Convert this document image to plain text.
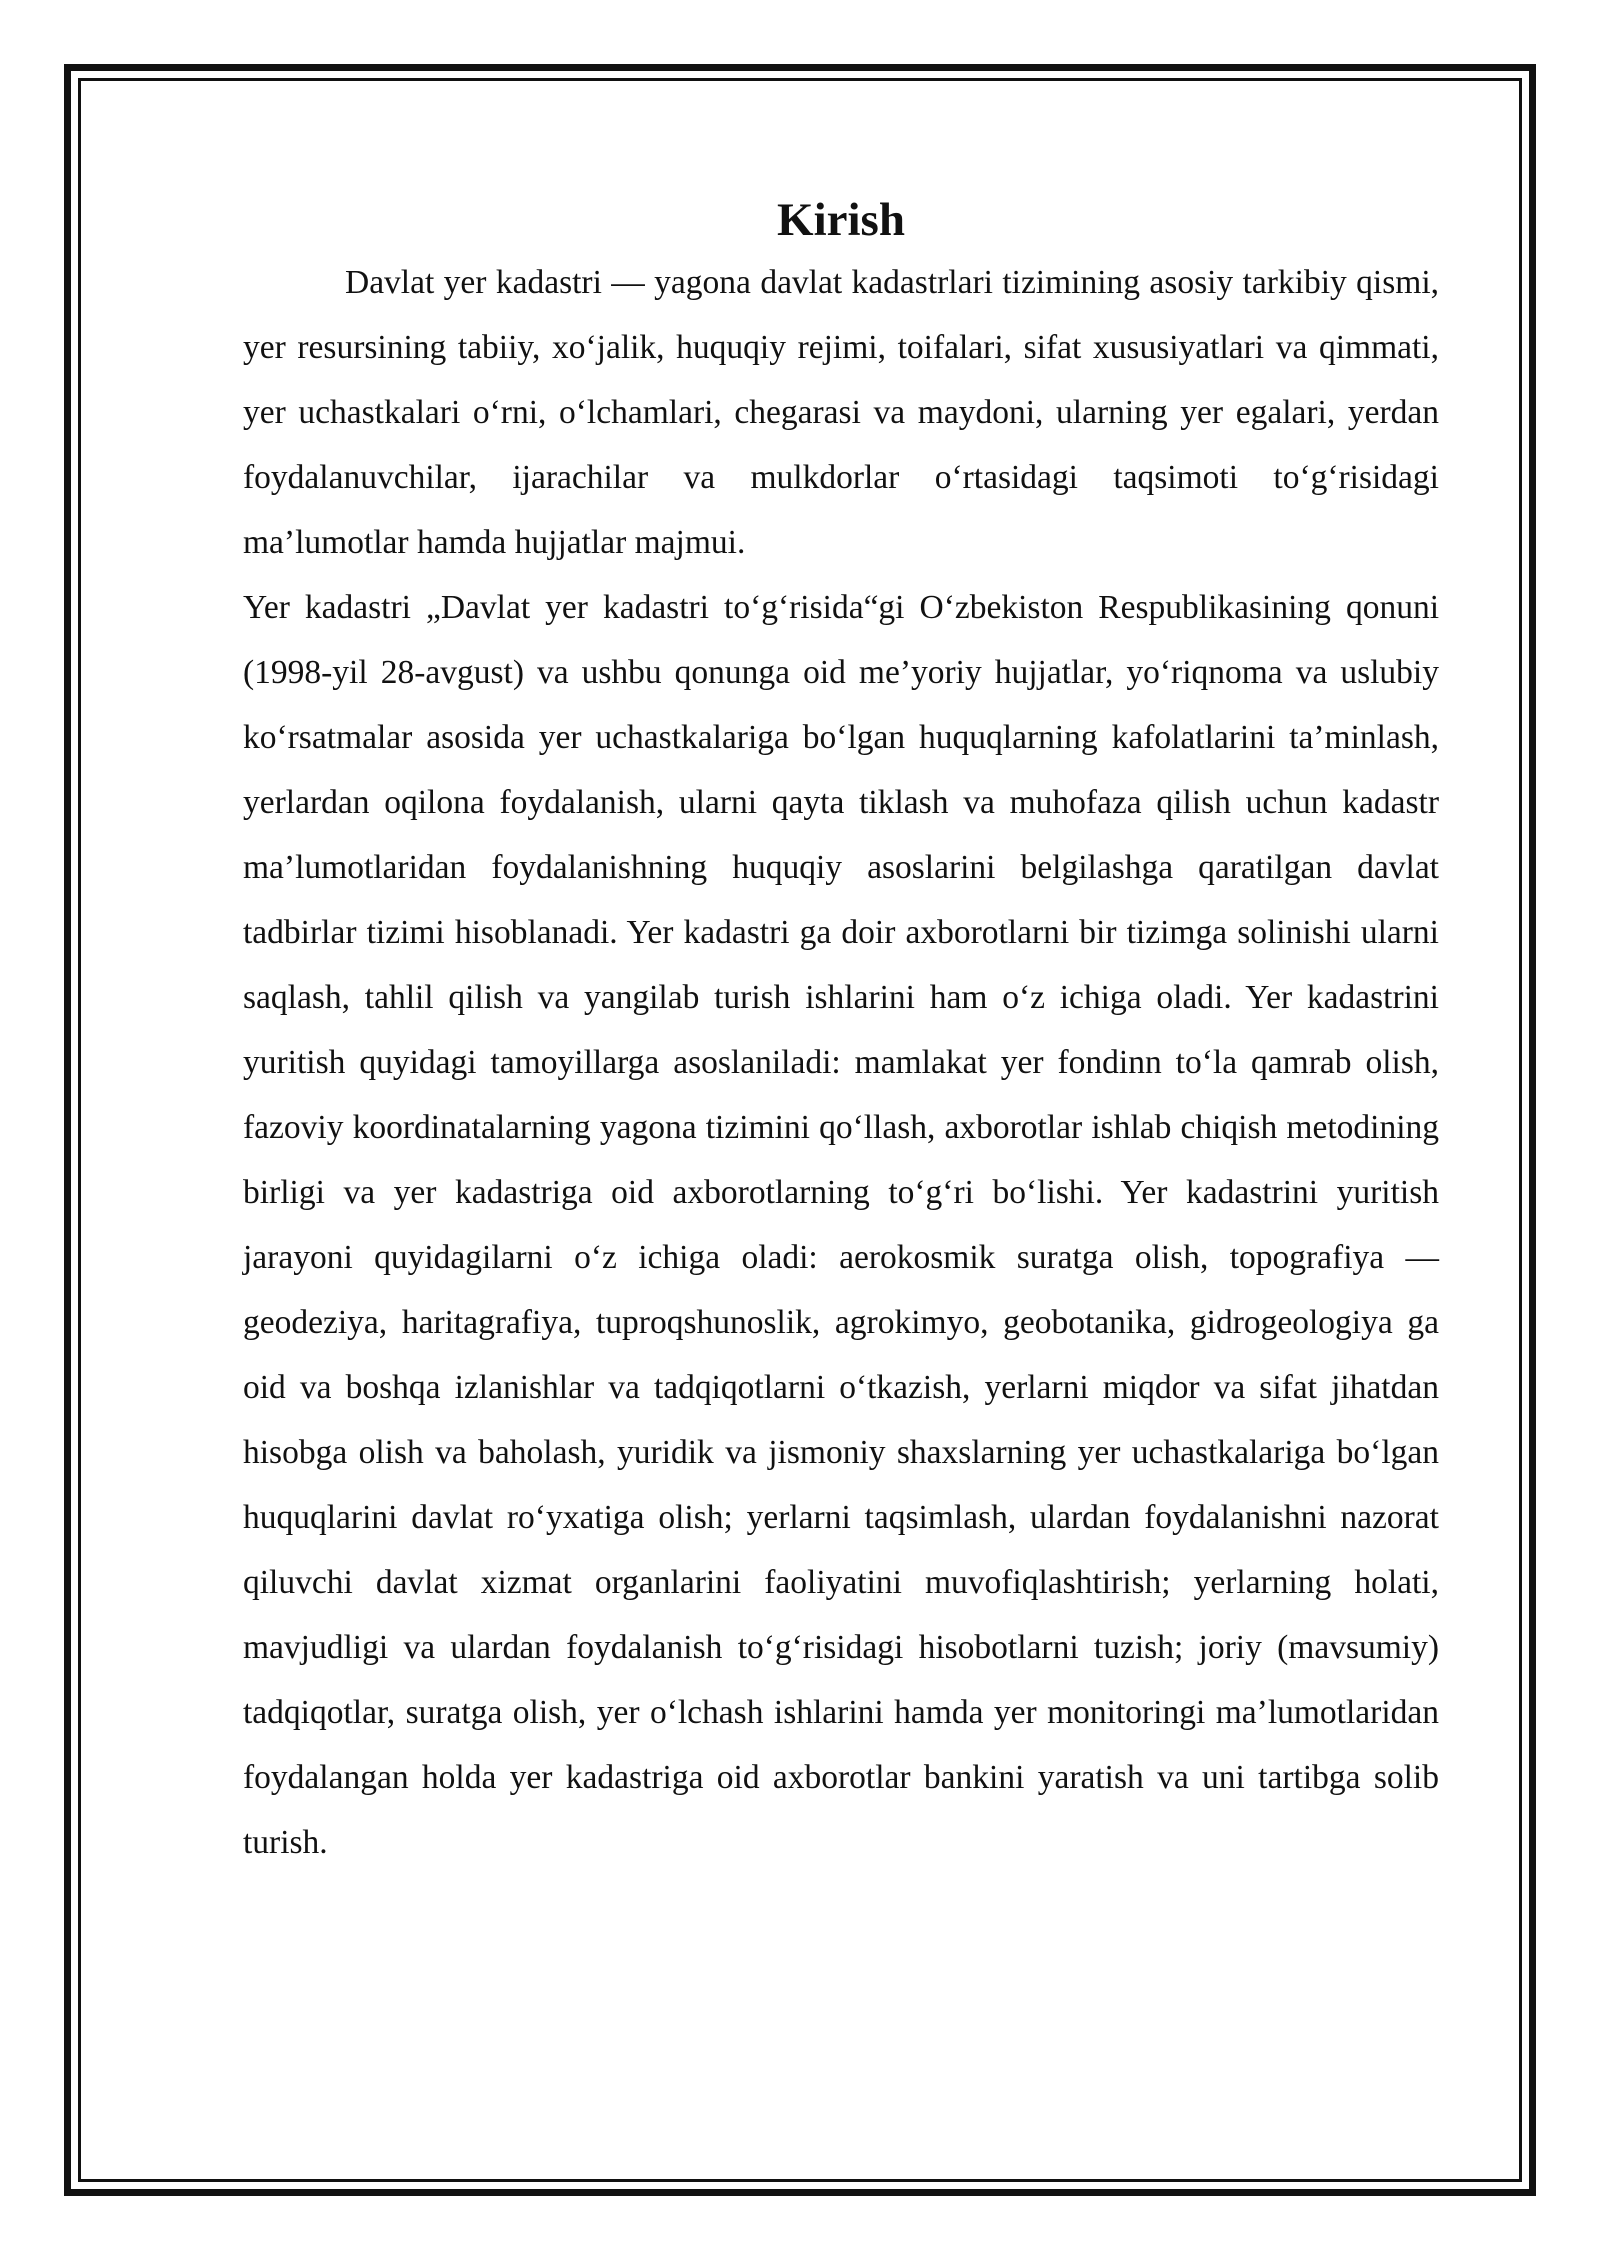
Kirish

Davlat yer kadastri — yagona davlat kadastrlari tizimining asosiy tarkibiy qismi, yer resursining tabiiy, xo‘jalik, huquqiy rejimi, toifalari, sifat xususiyatlari va qimmati, yer uchastkalari o‘rni, o‘lchamlari, chegarasi va maydoni, ularning yer egalari, yerdan foydalanuvchilar, ijarachilar va mulkdorlar o‘rtasidagi taqsimoti to‘g‘risidagi ma’lumotlar hamda hujjatlar majmui.

Yer kadastri „Davlat yer kadastri to‘g‘risida“gi O‘zbekiston Respublikasining qonuni (1998-yil 28-avgust) va ushbu qonunga oid me’yoriy hujjatlar, yo‘riqnoma va uslubiy ko‘rsatmalar asosida yer uchastkalariga bo‘lgan huquqlarning kafolatlarini ta’minlash, yerlardan oqilona foydalanish, ularni qayta tiklash va muhofaza qilish uchun kadastr ma’lumotlaridan foydalanishning huquqiy asoslarini belgilashga qaratilgan davlat tadbirlar tizimi hisoblanadi. Yer kadastri ga doir axborotlarni bir tizimga solinishi ularni saqlash, tahlil qilish va yangilab turish ishlarini ham o‘z ichiga oladi. Yer kadastrini yuritish quyidagi tamoyillarga asoslaniladi: mamlakat yer fondinn to‘la qamrab olish, fazoviy koordinatalarning yagona tizimini qo‘llash, axborotlar ishlab chiqish metodining birligi va yer kadastriga oid axborotlarning to‘g‘ri bo‘lishi. Yer kadastrini yuritish jarayoni quyidagilarni o‘z ichiga oladi: aerokosmik suratga olish, topografiya — geodeziya, haritagrafiya, tuproqshunoslik, agrokimyo, geobotanika, gidrogeologiya ga oid va boshqa izlanishlar va tadqiqotlarni o‘tkazish, yerlarni miqdor va sifat jihatdan hisobga olish va baholash, yuridik va jismoniy shaxslarning yer uchastkalariga bo‘lgan huquqlarini davlat ro‘yxatiga olish; yerlarni taqsimlash, ulardan foydalanishni nazorat qiluvchi davlat xizmat organlarini faoliyatini muvofiqlashtirish; yerlarning holati, mavjudligi va ulardan foydalanish to‘g‘risidagi hisobotlarni tuzish; joriy (mavsumiy) tadqiqotlar, suratga olish, yer o‘lchash ishlarini hamda yer monitoringi ma’lumotlaridan foydalangan holda yer kadastriga oid axborotlar bankini yaratish va uni tartibga solib turish.
